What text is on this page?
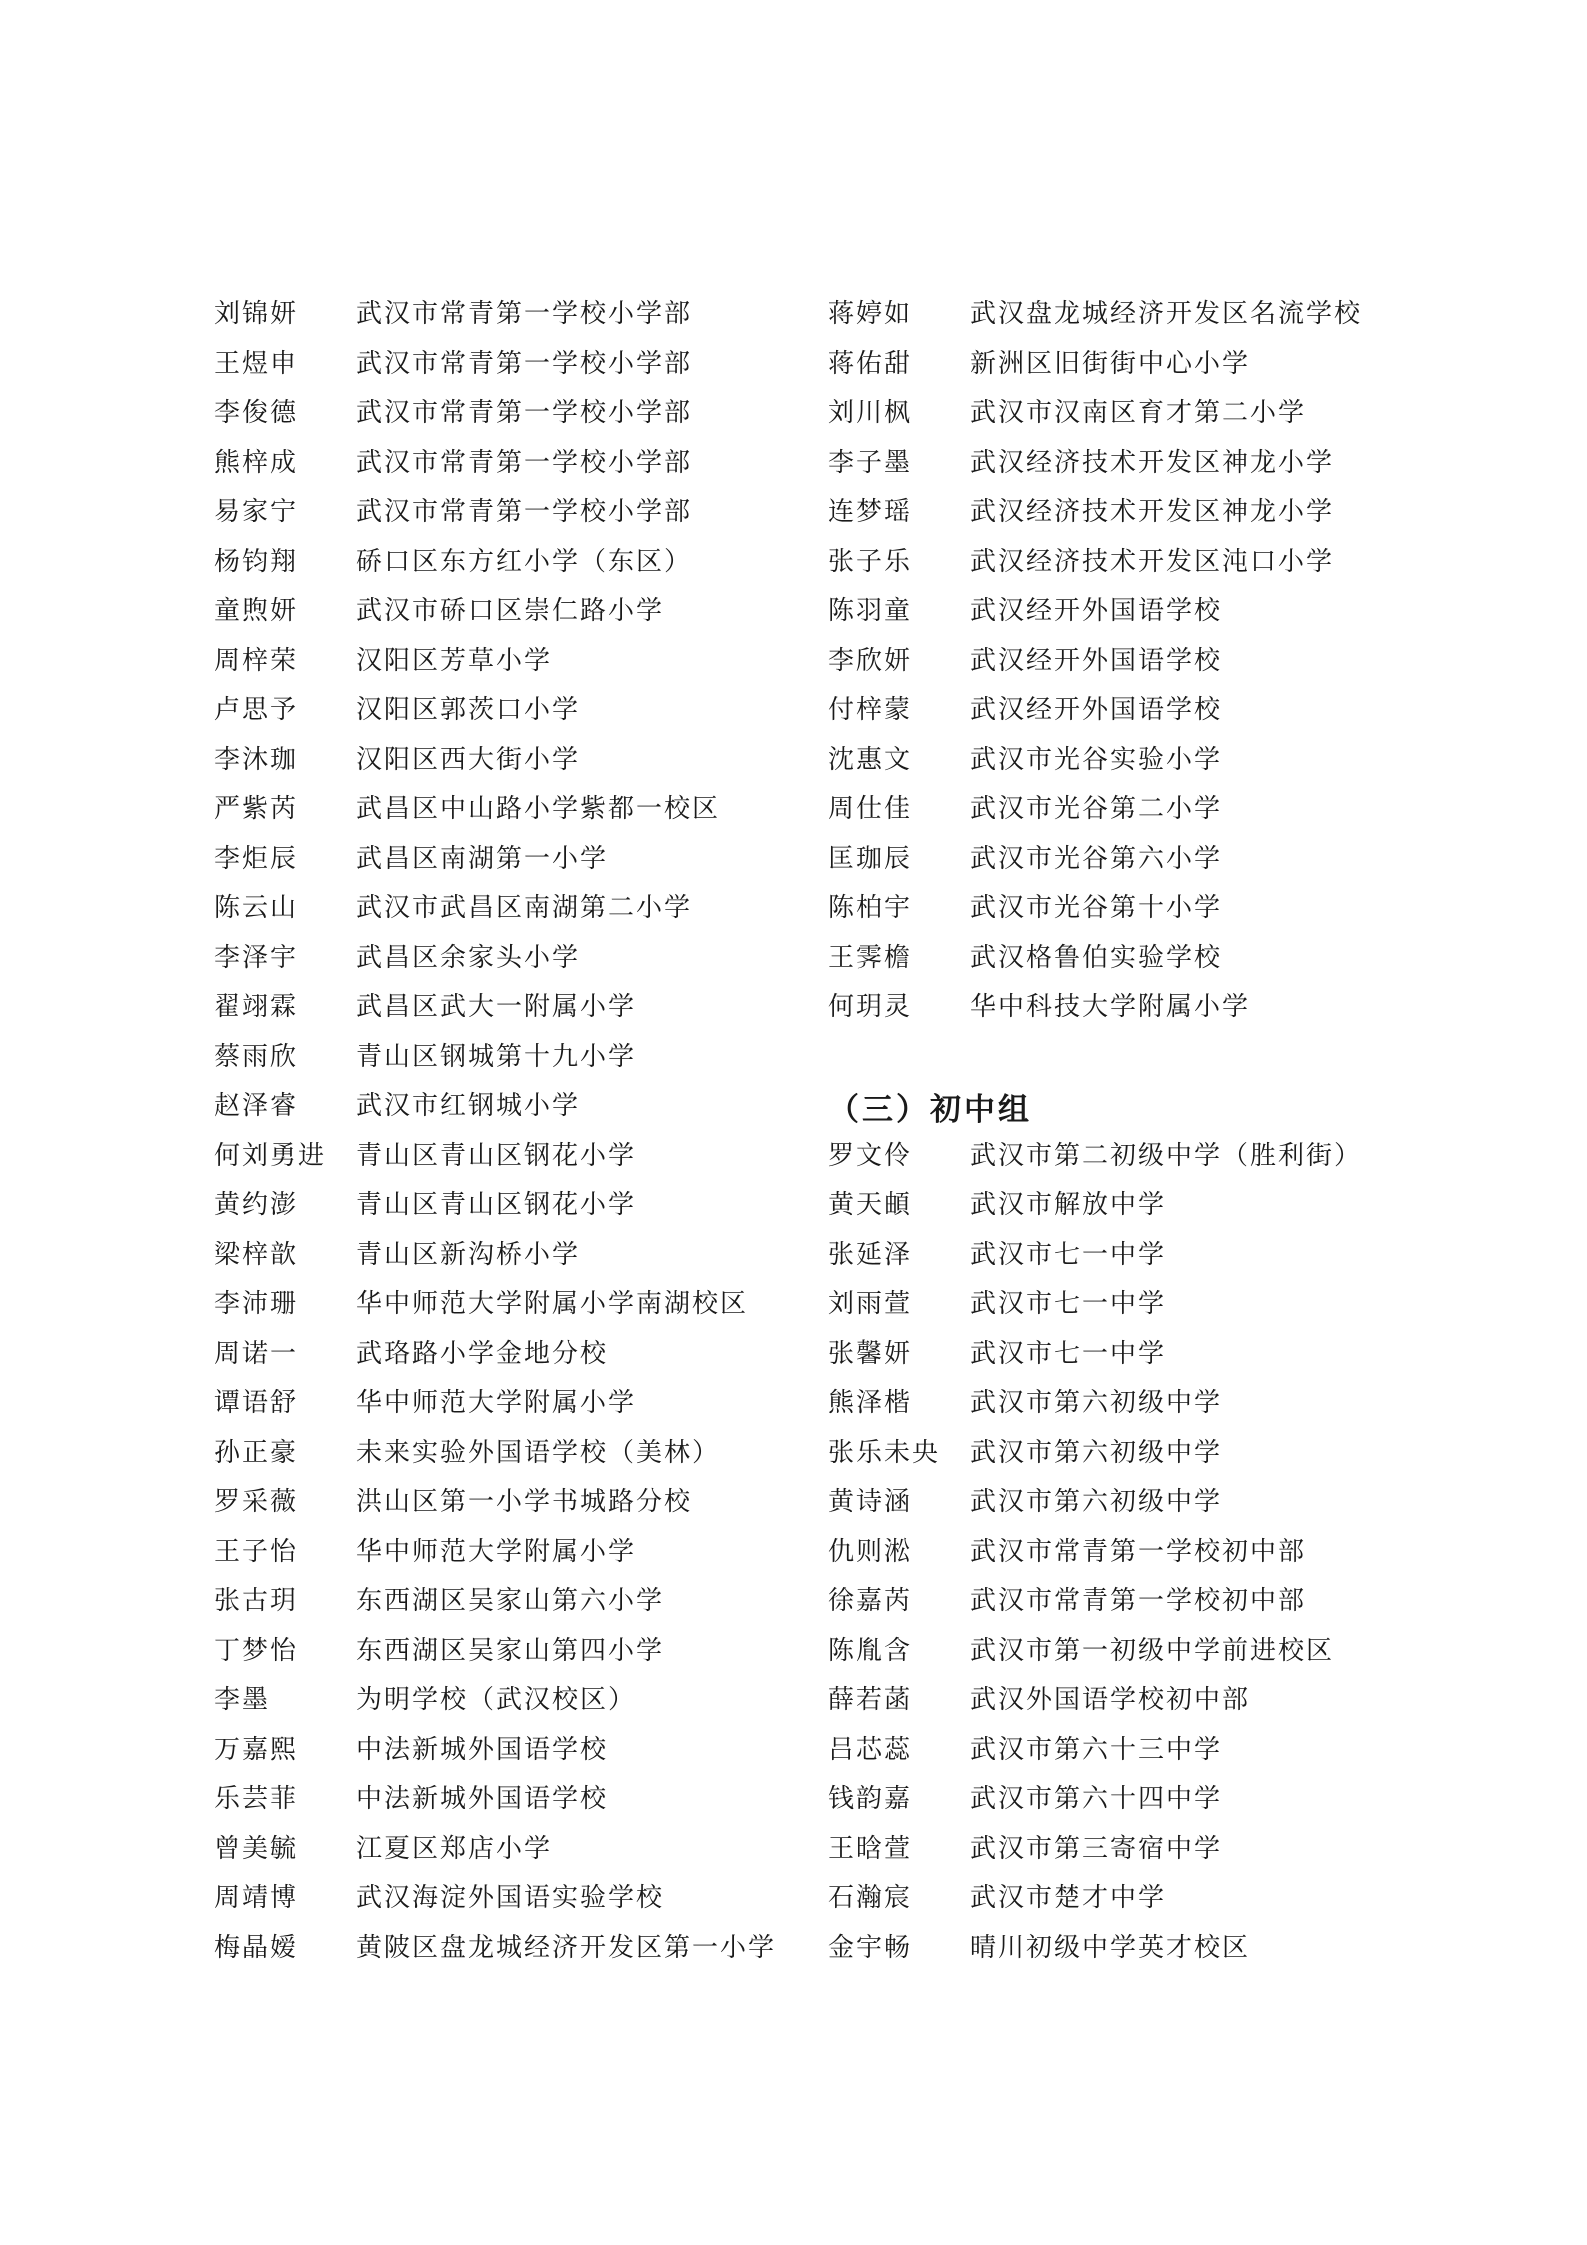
刘锦妍	武汉市常青第一学校小学部
王煜申	武汉市常青第一学校小学部
李俊德	武汉市常青第一学校小学部
熊梓成	武汉市常青第一学校小学部
易家宁	武汉市常青第一学校小学部
杨钧翔	硚口区东方红小学（东区）
童煦妍	武汉市硚口区崇仁路小学
周梓荣	汉阳区芳草小学
卢思予	汉阳区郭茨口小学
李沐珈	汉阳区西大街小学
严紫芮	武昌区中山路小学紫都一校区
李炬辰	武昌区南湖第一小学
陈云山	武汉市武昌区南湖第二小学
李泽宇	武昌区余家头小学
翟翊霖	武昌区武大一附属小学
蔡雨欣	青山区钢城第十九小学
赵泽睿	武汉市红钢城小学
何刘勇进	青山区青山区钢花小学
黄约澎	青山区青山区钢花小学
梁梓歆	青山区新沟桥小学
李沛珊	华中师范大学附属小学南湖校区
周诺一	武珞路小学金地分校
谭语舒	华中师范大学附属小学
孙正豪	未来实验外国语学校（美林）
罗采薇	洪山区第一小学书城路分校
王子怡	华中师范大学附属小学
张古玥	东西湖区吴家山第六小学
丁梦怡	东西湖区吴家山第四小学
李墨	为明学校（武汉校区）
万嘉熙	中法新城外国语学校
乐芸菲	中法新城外国语学校
曾美毓	江夏区郑店小学
周靖博	武汉海淀外国语实验学校
梅晶嫒	黄陂区盘龙城经济开发区第一小学
蒋婷如	武汉盘龙城经济开发区名流学校
蒋佑甜	新洲区旧街街中心小学
刘川枫	武汉市汉南区育才第二小学
李子墨	武汉经济技术开发区神龙小学
连梦瑶	武汉经济技术开发区神龙小学
张子乐	武汉经济技术开发区沌口小学
陈羽童	武汉经开外国语学校
李欣妍	武汉经开外国语学校
付梓蒙	武汉经开外国语学校
沈惠文	武汉市光谷实验小学
周仕佳	武汉市光谷第二小学
匡珈辰	武汉市光谷第六小学
陈柏宇	武汉市光谷第十小学
王霁檐	武汉格鲁伯实验学校
何玥灵	华中科技大学附属小学
（三）初中组
罗文伶	武汉市第二初级中学（胜利街）
黄天頔	武汉市解放中学
张延泽	武汉市七一中学
刘雨萱	武汉市七一中学
张馨妍	武汉市七一中学
熊泽楷	武汉市第六初级中学
张乐未央	武汉市第六初级中学
黄诗涵	武汉市第六初级中学
仇则淞	武汉市常青第一学校初中部
徐嘉芮	武汉市常青第一学校初中部
陈胤含	武汉市第一初级中学前进校区
薛若菡	武汉外国语学校初中部
吕芯蕊	武汉市第六十三中学
钱韵嘉	武汉市第六十四中学
王晗萱	武汉市第三寄宿中学
石瀚宸	武汉市楚才中学
金宇畅	晴川初级中学英才校区
